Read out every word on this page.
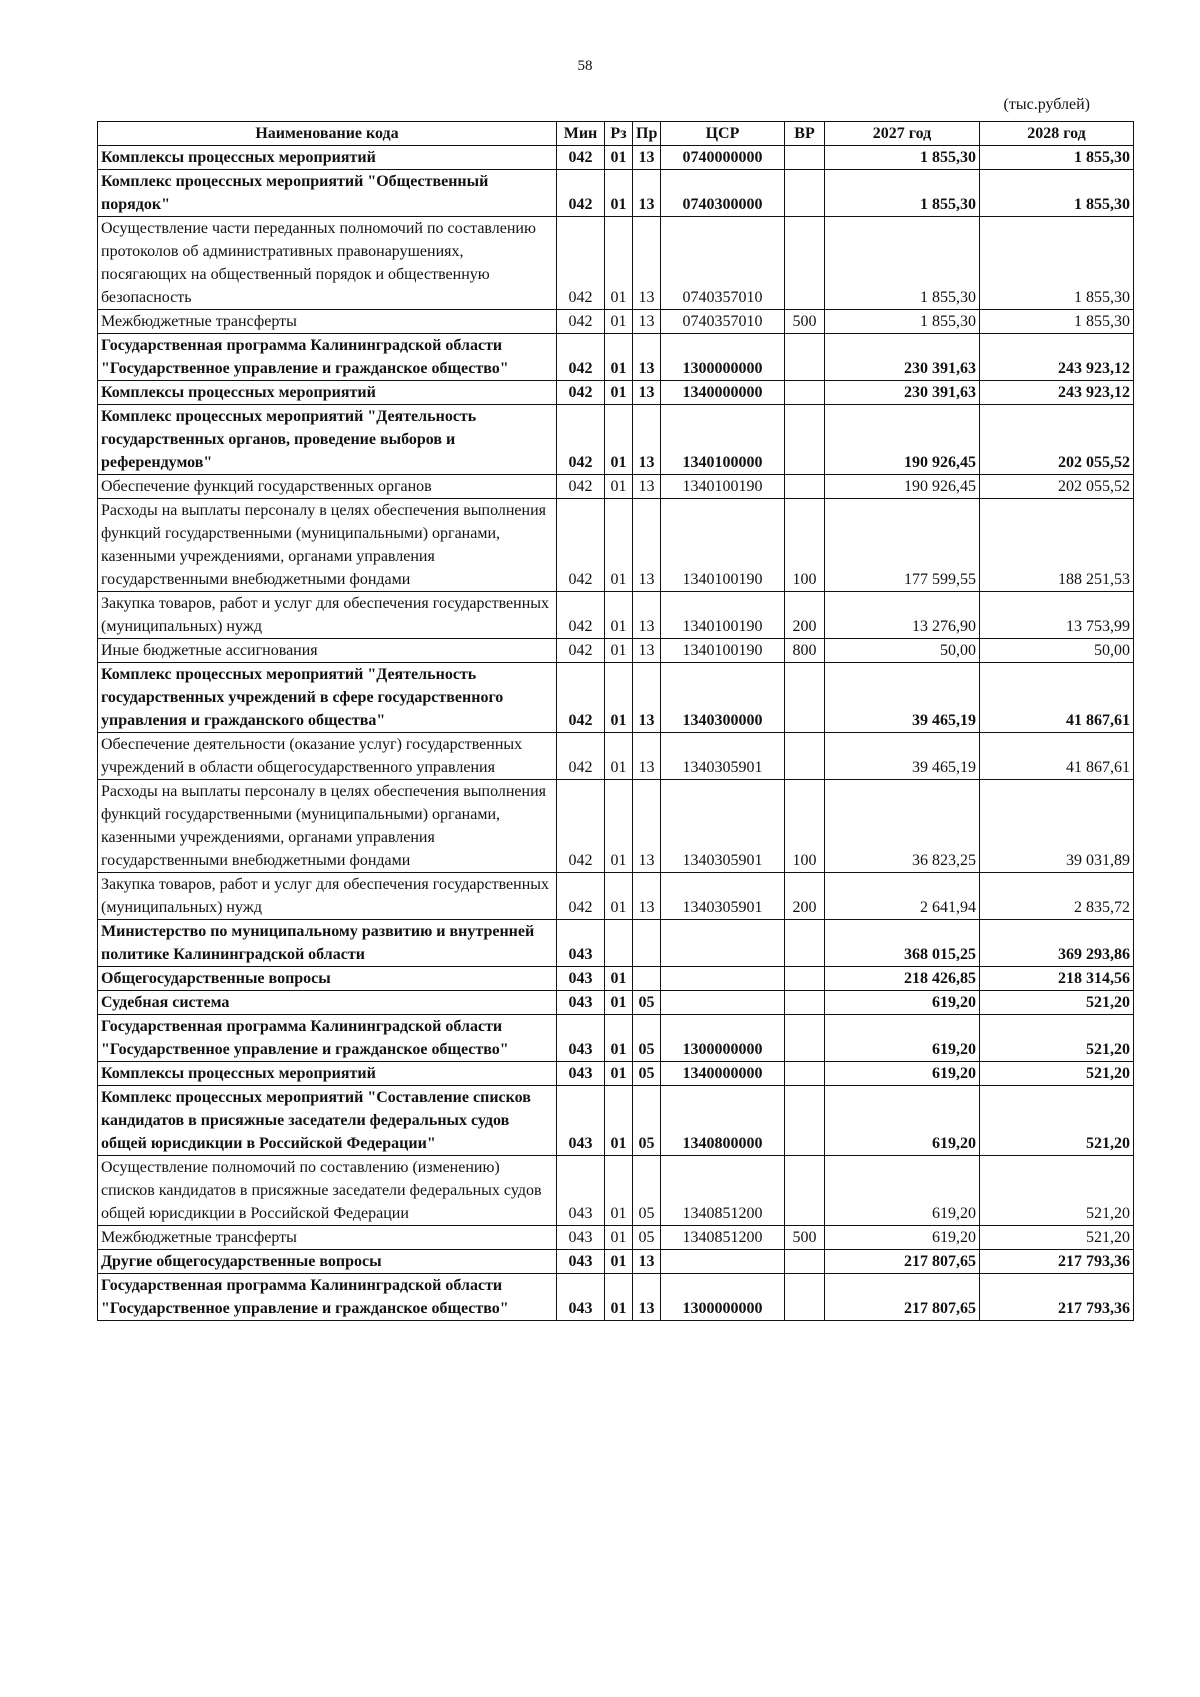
58
(тыс.рублей)
Наименование кода	Мин	Рз	Пр	ЦСР	ВР	2027 год	2028 год
Комплексы процессных мероприятий	042	01	13	0740000000		1 855,30	1 855,30
Комплекс процессных мероприятий "Общественный порядок"	042	01	13	0740300000		1 855,30	1 855,30
Осуществление части переданных полномочий по составлению протоколов об административных правонарушениях, посягающих на общественный порядок и общественную безопасность	042	01	13	0740357010		1 855,30	1 855,30
Межбюджетные трансферты	042	01	13	0740357010	500	1 855,30	1 855,30
Государственная программа Калининградской области "Государственное управление и гражданское общество"	042	01	13	1300000000		230 391,63	243 923,12
Комплексы процессных мероприятий	042	01	13	1340000000		230 391,63	243 923,12
Комплекс процессных мероприятий "Деятельность государственных органов, проведение выборов и референдумов"	042	01	13	1340100000		190 926,45	202 055,52
Обеспечение функций государственных органов	042	01	13	1340100190		190 926,45	202 055,52
Расходы на выплаты персоналу в целях обеспечения выполнения функций государственными (муниципальными) органами, казенными учреждениями, органами управления государственными внебюджетными фондами	042	01	13	1340100190	100	177 599,55	188 251,53
Закупка товаров, работ и услуг для обеспечения государственных (муниципальных) нужд	042	01	13	1340100190	200	13 276,90	13 753,99
Иные бюджетные ассигнования	042	01	13	1340100190	800	50,00	50,00
Комплекс процессных мероприятий "Деятельность государственных учреждений в сфере государственного управления и гражданского общества"	042	01	13	1340300000		39 465,19	41 867,61
Обеспечение деятельности (оказание услуг) государственных учреждений в области общегосударственного управления	042	01	13	1340305901		39 465,19	41 867,61
Расходы на выплаты персоналу в целях обеспечения выполнения функций государственными (муниципальными) органами, казенными учреждениями, органами управления государственными внебюджетными фондами	042	01	13	1340305901	100	36 823,25	39 031,89
Закупка товаров, работ и услуг для обеспечения государственных (муниципальных) нужд	042	01	13	1340305901	200	2 641,94	2 835,72
Министерство по муниципальному развитию и внутренней политике Калининградской области	043					368 015,25	369 293,86
Общегосударственные вопросы	043	01				218 426,85	218 314,56
Судебная система	043	01	05			619,20	521,20
Государственная программа Калининградской области "Государственное управление и гражданское общество"	043	01	05	1300000000		619,20	521,20
Комплексы процессных мероприятий	043	01	05	1340000000		619,20	521,20
Комплекс процессных мероприятий "Составление списков кандидатов в присяжные заседатели федеральных судов общей юрисдикции в Российской Федерации"	043	01	05	1340800000		619,20	521,20
Осуществление полномочий по составлению (изменению) списков кандидатов в присяжные заседатели федеральных судов общей юрисдикции в Российской Федерации	043	01	05	1340851200		619,20	521,20
Межбюджетные трансферты	043	01	05	1340851200	500	619,20	521,20
Другие общегосударственные вопросы	043	01	13			217 807,65	217 793,36
Государственная программа Калининградской области "Государственное управление и гражданское общество"	043	01	13	1300000000		217 807,65	217 793,36
